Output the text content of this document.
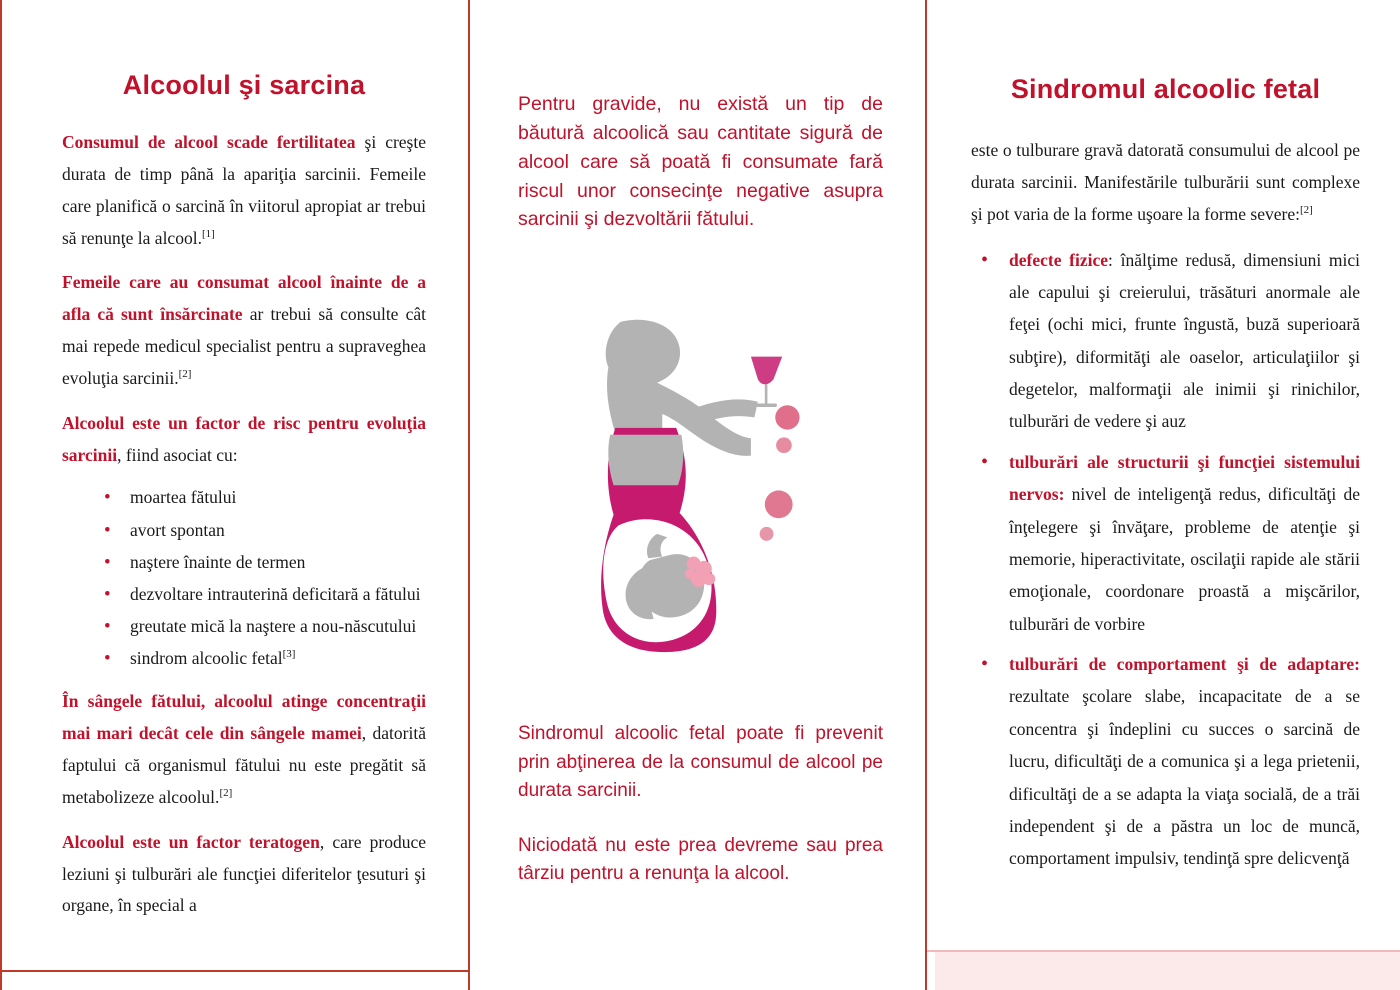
Alcoolul şi sarcina

Consumul de alcool scade fertilitatea şi creşte durata de timp până la apariţia sarcinii. Femeile care planifică o sarcină în viitorul apropiat ar trebui să renunţe la alcool.[1]

Femeile care au consumat alcool înainte de a afla că sunt însărcinate ar trebui să consulte cât mai repede medicul specialist pentru a supraveghea evoluţia sarcinii.[2]

Alcoolul este un factor de risc pentru evoluţia sarcinii, fiind asociat cu:

• moartea fătului
• avort spontan
• naştere înainte de termen
• dezvoltare intrauterină deficitară a fătului
• greutate mică la naştere a nou-născutului
• sindrom alcoolic fetal[3]

În sângele fătului, alcoolul atinge concentraţii mai mari decât cele din sângele mamei, datorită faptului că organismul fătului nu este pregătit să metabolizeze alcoolul.[2]

Alcoolul este un factor teratogen, care produce leziuni şi tulburări ale funcţiei diferitelor ţesuturi şi organe, în special a

Pentru gravide, nu există un tip de băutură alcoolică sau cantitate sigură de alcool care să poată fi consumate fară riscul unor consecinţe negative asupra sarcinii şi dezvoltării fătului.

Sindromul alcoolic fetal poate fi prevenit prin abţinerea de la consumul de alcool pe durata sarcinii.

Niciodată nu este prea devreme sau prea târziu pentru a renunţa la alcool.

Sindromul alcoolic fetal

este o tulburare gravă datorată consumului de alcool pe durata sarcinii. Manifestările tulburării sunt complexe şi pot varia de la forme uşoare la forme severe:[2]

• defecte fizice: înălţime redusă, dimensiuni mici ale capului şi creierului, trăsături anormale ale feţei (ochi mici, frunte îngustă, buză superioară subţire), diformităţi ale oaselor, articulaţiilor şi degetelor, malformaţii ale inimii şi rinichilor, tulburări de vedere şi auz
• tulburări ale structurii şi funcţiei sistemului nervos: nivel de inteligenţă redus, dificultăţi de înţelegere şi învăţare, probleme de atenţie şi memorie, hiperactivitate, oscilaţii rapide ale stării emoţionale, coordonare proastă a mişcărilor, tulburări de vorbire
• tulburări de comportament şi de adaptare: rezultate şcolare slabe, incapacitate de a se concentra şi îndeplini cu succes o sarcină de lucru, dificultăţi de a comunica şi a lega prietenii, dificultăţi de a se adapta la viaţa socială, de a trăi independent şi de a păstra un loc de muncă, comportament impulsiv, tendinţă spre delicvenţă
